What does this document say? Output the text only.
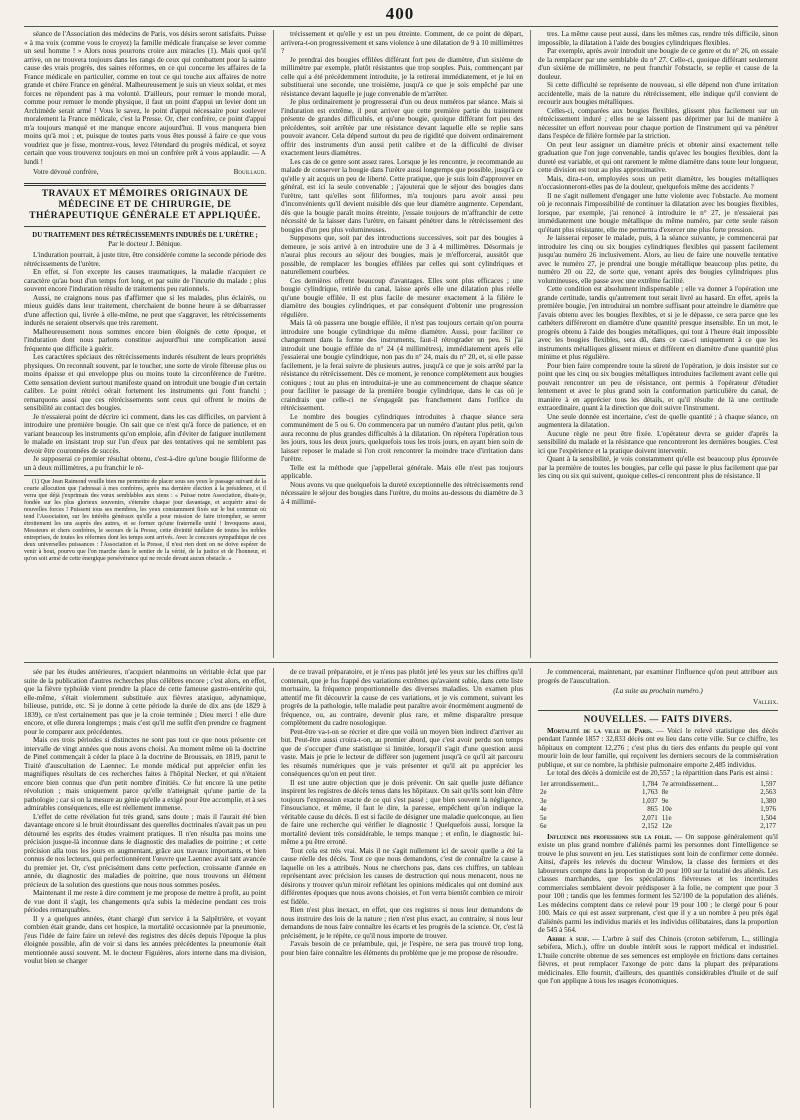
400

séance de l'Association des médecins de Paris, vos désirs seront satisfaits. Puisse « à ma voix (comme vous le croyez) la famille médicale française se lever comme un seul homme ! » Alors nous pourrons croire aux miracles (1). Mais quoi qu'il arrive, on ne trouvera toujours dans les rangs de ceux qui combattent pour la sainte cause des vrais progrès, des saines réformes, en ce qui concerne les affaires de la France médicale en particulier, comme en tout ce qui touche aux affaires de notre grande et chère France en général. Malheureusement je suis un vieux soldat, et mes forces ne répondent pas à ma volonté. D'ailleurs, pour remuer le monde moral, comme pour remuer le monde physique, il faut un point d'appui un levier dont un Archimède serait armé ! Vous le savez, le point d'appui nécessaire pour soulever moralement la France médicale, c'est la Presse. Or, cher confrère, ce point d'appui m'a toujours manqué et me manque encore aujourd'hui. Il vous manquera bien moins qu'à moi ; et, puisque de toutes parts vous êtes poussé à faire ce que vous voudriez que je fisse, montrez-vous, levez l'étendard du progrès médical, et soyez certain que vous trouverez toujours en moi un confrère prêt à vous applaudir. — A lundi !

Bouillaud.
Votre dévoué confrère,
TRAVAUX ET MÉMOIRES ORIGINAUX DE MÉDECINE ET DE CHIRURGIE, DE THÉRAPEUTIQUE GÉNÉRALE ET APPLIQUÉE.
DU TRAITEMENT DES RÉTRÉCISSEMENTS INDURÉS DE L'URÈTRE ;
Par le docteur J. Bénique.

L'induration pourrait, à juste titre, être considérée comme la seconde période des rétrécissements de l'urètre.

En effet, si l'on excepte les causes traumatiques, la maladie n'acquiert ce caractère qu'au bout d'un temps fort long, et par suite de l'incurie du malade ; plus souvent encore l'induration résulte de traitements peu rationnels.

Aussi, ne craignons nous pas d'affirmer que si les malades, plus éclairés, ou mieux guidés dans leur traitement, cherchaient de bonne heure à se débarrasser d'une affection qui, livrée à elle-même, ne peut que s'aggraver, les rétrécissements indurés ne seraient observés que très rarement.

Malheureusement nous sommes encore bien éloignés de cette époque, et l'induration dont nous parlons constitue aujourd'hui une complication aussi fréquente que difficile à guérir.

Les caractères spéciaux des rétrécissements indurés résultent de leurs propriétés physiques. On reconnaît souvent, par le toucher, une sorte de virole fibreuse plus ou moins épaisse et qui enveloppe plus ou moins toute la circonférence de l'urètre. Cette sensation devient surtout manifeste quand on introduit une bougie d'un certain calibre. Le point rétréci oérait fortement les instruments qui l'ont franchi ; remarquons aussi que ces rétrécissements sont ceux qui offrent le moins de sensibilité au contact des bougies.

Je n'essaierai point de décrire ici comment, dans les cas difficiles, on parvient à introduire une première bougie. On sait que ce n'est qu'à force de patience, et en variant beaucoup les instruments qu'on emploie, afin d'éviter de fatiguer inutilement le malade en insistant trop sur l'un d'eux par des tentatives qui ne semblent pas devoir être couronnées de succès.

Je supposerai ce premier résultat obtenu, c'est-à-dire qu'une bougie filiforme de un à deux millimètres, a pu franchir le ré-

(1) Que Jean Raimond veuille bien me permettre de placer sous ses yeux le passage suivant de la courte allocution que j'adressai à mes confrères, après ma dernière élection à la présidence, et il verra que déjà j'exprimais des vœux semblables aux siens : « Puisse notre Association, disais-je, fondée sur les plus glorieux souvenirs, s'étendre chaque jour davantage, et acquérir ainsi de nouvelles forces ! Puissent tous ses membres, les yeux constamment fixés sur le but commun où tend l'Association, sur les intérêts généraux qu'elle a pour mission de faire triompher, se serrer étroitement les uns auprès des autres, et se former qu'une fraternelle unité ! Invoquons aussi, Messieurs et chers confrères, le secours de la Presse, cette divinité tutélaire de toutes les nobles entreprises, de toutes les réformes dont les temps sont arrivés. Avec le concours sympathique de ces deux universelles puissances : l'Association et la Presse, il n'est rien dont on ne doive espérer de venir à bout, pourvu que l'on marche dans le sentier de la vérité, de la justice et de l'honneur, et qu'on soit armé de cette énergique persévérance qui ne recule devant aucun obstacle. »

trécissement et qu'elle y est un peu étreinte. Comment, de ce point de départ, arrivera-t-on progressivement et sans violence à une dilatation de 9 à 10 millimètres ?

Je prendrai des bougies effilées différant fort peu de diamètre, d'un sixième de millimètre par exemple, plutôt résistantes que trop souples. Puis, commençant par celle qui a été précédemment introduite, je la retirerai immédiatement, et je lui en substituerai une seconde, une troisième, jusqu'à ce que je sois empêché par une résistance devant laquelle je juge convenable de m'arrêter.

Je plus ordinairement je progresserai d'un ou deux numéros par séance. Mais si l'induration est extrême, il peut arriver que cette première partie du traitement présente de grandes difficultés, et qu'une bougie, quoique différant fort peu des précédentes, soit arrêtée par une résistance devant laquelle elle se replie sans pouvoir avancer. Cela dépend surtout du peu de rigidité que doivent ordinairement offrir des instruments d'un aussi petit calibre et de la difficulté de diviser exactement leurs diamètres.

Les cas de ce genre sont assez rares. Lorsque je les rencontre, je recommande au malade de conserver la bougie dans l'urètre aussi longtemps que possible, jusqu'à ce qu'elle y ait acquis un peu de liberté. Cette pratique, que je suis loin d'approuver en général, est ici la seule convenable ; j'ajouterai que le séjour des bougies dans l'urètre, tant qu'elles sont filiformes, m'a toujours paru avoir aussi peu d'inconvénients qu'il devient nuisible dès que leur diamètre augmente. Cependant, dès que la bougie paraît moins étreinte, j'essaie toujours de m'affranchir de cette nécessité de la laisser dans l'urètre, en faisant pénétrer dans le rétrécissement des bougies d'un peu plus volumineuses.

Supposons que, soit par des introductions successives, soit par des bougies à demeure, je sois arrivé à en introduire une de 3 à 4 millimètres. Désormais je n'aurai plus recours au séjour des bougies, mais je m'efforcerai, aussitôt que possible, de remplacer les bougies effilées par celles qui sont cylindriques et naturellement courbées.

Ces dernières offrent beaucoup d'avantages. Elles sont plus efficaces ; une bougie cylindrique, retirée du canal, laisse après elle une dilatation plus réelle qu'une bougie effilée. Il est plus facile de mesurer exactement à la filière le diamètre des bougies cylindriques, et par conséquent d'obtenir une progression régulière.

Mais là où passera une bougie effilée, il n'est pas toujours certain qu'on pourra introduire une bougie cylindrique du même diamètre. Aussi, pour faciliter ce changement dans la forme des instruments, faut-il rétrograder un peu. Si j'ai introduit une bougie effilée du n° 24 (4 millimètres), immédiatement après elle j'essaierai une bougie cylindrique, non pas du n° 24, mais du n° 20, et, si elle passe facilement, je la ferai suivre de plusieurs autres, jusqu'à ce que je sois arrêté par la résistance du rétrécissement. Dès ce moment, je renonce complètement aux bougies coniques ; tout au plus en introduirai-je une au commencement de chaque séance pour faciliter le passage de la première bougie cylindrique, dans le cas où je craindrais que celle-ci ne s'engageât pas franchement dans l'orifice du rétrécissement.

Le nombre des bougies cylindriques introduites à chaque séance sera communément de 5 ou 6. On commencera par un numéro d'autant plus petit, qu'on aura reconnu de plus grandes difficultés à la dilatation. On répétera l'opération tous les jours, tous les deux jours, quelquefois tous les trois jours, en ayant bien soin de laisser reposer le malade si l'on croit rencontrer la moindre trace d'irritation dans l'urètre.

Telle est la méthode que j'appellerai générale. Mais elle n'est pas toujours applicable.

Nous avons vu que quelquefois la dureté exceptionnelle des rétrécissements rend nécessaire le séjour des bougies dans l'urètre, du moins au-dessous du diamètre de 3 à 4 millimè-

tres. La même cause peut aussi, dans les mêmes cas, rendre très difficile, sinon impossible, la dilatation à l'aide des bougies cylindriques flexibles.

Par exemple, après avoir introduit une bougie de ce genre et du n° 26, on essaie de la remplacer par une semblable du n° 27. Celle-ci, quoique différant seulement d'un sixième de millimètre, ne peut franchir l'obstacle, se replie et cause de la douleur.

Si cette difficulté se représente de nouveau, si elle dépend non d'une irritation accidentelle, mais de la nature du rétrécissement, elle indique qu'il convient de recourir aux bougies métalliques.

Celles-ci, comparées aux bougies flexibles, glissent plus facilement sur un rétrécissement induré ; elles ne se laissent pas déprimer par lui de manière à nécessiter un effort nouveau pour chaque portion de l'instrument qui va pénétrer dans l'espèce de filière formée par la striction.

On peut leur assigner un diamètre précis et obtenir ainsi exactement telle graduation que l'on juge convenable, tandis qu'avec les bougies flexibles, dont la dureté est variable, et qui ont rarement le même diamètre dans toute leur longueur, cette division est tout au plus approximative.

Mais, dira-t-on, employées sous un petit diamètre, les bougies métalliques n'occasionneront-elles pas de la douleur, quelquefois même des accidents ?

Il ne s'agit nullement d'engager une lutte violente avec l'obstacle. Au moment où je reconnais l'impossibilité de continuer la dilatation avec les bougies flexibles, lorsque, par exemple, j'ai renoncé à introduire le n° 27, je n'essaierai pas immédiatement une bougie métallique du même numéro, par cette seule raison qu'étant plus résistante, elle me permettra d'exercer une plus forte pression.

Je laisserai reposer le malade, puis, à la séance suivante, je commencerai par introduire les cinq ou six bougies cylindriques flexibles qui passent facilement jusqu'au numéro 26 inclusivement. Alors, au lieu de faire une nouvelle tentative avec le numéro 27, je prendrai une bougie métallique beaucoup plus petite, du numéro 20 ou 22, de sorte que, venant après des bougies cylindriques plus volumineuses, elle passe avec une extrême facilité.

Cette condition est absolument indispensable ; elle va donner à l'opération une grande certitude, tandis qu'autrement tout serait livré au hasard. En effet, après la première bougie, j'en introduirai un nombre suffisant pour atteindre le diamètre que j'avais obtenu avec les bougies flexibles, et si je le dépasse, ce sera parce que les cathéters différeront en diamètre d'une quantité presque insensible. En un mot, le progrès obtenu à l'aide des bougies métalliques, qui tout à l'heure était impossible avec les bougies flexibles, sera dû, dans ce cas-ci uniquement à ce que les instruments métalliques glissent mieux et diffèrent en diamètre d'une quantité plus minime et plus régulière.

Pour bien faire comprendre toute la sûreté de l'opération, je dois insister sur ce point que les cinq ou six bougies métalliques introduites facilement avant celle qui pouvait rencontrer un peu de résistance, ont permis à l'opérateur d'étudier lentement et avec le plus grand soin la conformation particulière du canal, de manière à en apprécier tous les détails, et qu'il résulte de là une certitude extraordinaire, quant à la direction que doit suivre l'instrument.

Une seule donnée est incertaine, c'est de quelle quantité ; à chaque séance, on augmentera la dilatation.

Aucune règle ne peut être fixée. L'opérateur devra se guider d'après la sensibilité du malade et la résistance que rencontreront les dernières bougies. C'est ici que l'expérience et la pratique doivent intervenir.

Quant à la sensibilité, je vois constamment qu'elle est beaucoup plus éprouvée par la première de toutes les bougies, par celle qui passe le plus facilement que par les cinq ou six qui suivent, quoique celles-ci rencontrent plus de résistance. Il

sée par les études antérieures, n'acquiert néanmoins un véritable éclat que par suite de la publication d'autres recherches plus célèbres encore ; c'est alors, en effet, que la fièvre typhoïde vient prendre la place de cette fameuse gastro-entérite qui, elle-même, s'était violemment substituée aux fièvres ataxique, adynamique, bilieuse, putride, etc. Si je donne à cette période la durée de dix ans (de 1829 à 1839), ce n'est certainement pas que je la croie terminée ; Dieu merci ! elle dure encore, et elle durera longtemps ; mais c'est qu'il me suffit d'en prendre ce fragment pour le comparer aux précédentes.

Mais ces trois périodes si distinctes ne sont pas tout ce que nous présente cet intervalle de vingt années que nous avons choisi. Au moment même où la doctrine de Pinel commençait à céder la place à la doctrine de Broussais, en 1819, parut le Traité d'auscultation de Laennec. Le monde médical put apprécier enfin les magnifiques résultats de ces recherches faites à l'hôpital Necker, et qui n'étaient encore bien connus que d'un petit nombre d'initiés. Ce fut encore là une petite révolution ; mais uniquement parce qu'elle n'atteignait qu'une partie de la pathologie ; car si on la mesure au génie qu'elle a exigé pour être accomplie, et à ses admirables conséquences, elle est réellement immense.

L'effet de cette révélation fut très grand, sans doute ; mais il l'aurait été bien davantage encore si le bruit étourdissant des querelles doctrinales n'avait pas un peu détourné les esprits des études vraiment pratiques. Il n'en résulta pas moins une précision jusque-là inconnue dans le diagnostic des maladies de poitrine ; et cette précision alla tous les jours en augmentant, grâce aux travaux importants, et bien connus de nos lecteurs, qui perfectionnèrent l'œuvre que Laennec avait tant avancée du premier jet. Or, c'est précisément dans cette perfection, croissante d'année en année, du diagnostic des maladies de poitrine, que nous trouvons un élément précieux de la solution des questions que nous nous sommes posées.

Maintenant il me reste à dire comment je me propose de mettre à profit, au point de vue dont il s'agit, les changements qu'a subis la médecine pendant ces trois périodes remarquables.

Il y a quelques années, étant chargé d'un service à la Salpêtrière, et voyant combien était grande, dans cet hospice, la mortalité occasionnée par la pneumonie, j'eus l'idée de faire faire un relevé des registres des décès depuis l'époque la plus éloignée possible, afin de voir si dans les années précédentes la pneumonie était mentionnée aussi souvent. M. le docteur Figuières, alors interne dans ma division, voulut bien se charger

de ce travail préparatoire, et je n'eus pas plutôt jeté les yeux sur les chiffres qu'il contenait, que je fus frappé des variations extrêmes qu'avaient subie, dans cette liste mortuaire, la fréquence proportionnelle des diverses maladies. Un examen plus attentif me fit découvrir la cause de ces variations, et je vis comment, suivant les progrès de la pathologie, telle maladie peut paraître avoir énormément augmenté de fréquence, ou, au contraire, devenir plus rare, et même disparaître presque complètement du cadre nosologique.

Peut-être va-t-on se récrier et dire que voilà un moyen bien indirect d'arriver au but. Peut-être aussi croira-t-on, au premier abord, que c'est avoir perdu son temps que de s'occuper d'une statistique si limitée, lorsqu'il s'agit d'une question aussi vaste. Mais je prie le lecteur de différer son jugement jusqu'à ce qu'il ait parcouru les résumés numériques que je vais présenter et qu'il ait pu apprécier les conséquences qu'on en peut tirer.

Il est une autre objection que je dois prévenir. On sait quelle juste défiance inspirent les registres de décès tenus dans les hôpitaux. On sait qu'ils sont loin d'être toujours l'expression exacte de ce qui s'est passé ; que bien souvent la négligence, l'insouciance, et même, il faut le dire, la paresse, empêchent qu'on indique la véritable cause du décès. Il est si facile de désigner une maladie quelconque, au lieu de faire une recherche qui vérifier le diagnostic ! Quelquefois aussi, lorsque la mortalité devient très considérable, le temps manque ; et enfin, le diagnostic lui-même a pu être erroné.

Tout cela est très vrai. Mais il ne s'agit nullement ici de savoir quelle a été la cause réelle des décès. Tout ce que nous demandons, c'est de connaître la cause à laquelle on les a attribués. Nous ne cherchons pas, dans ces chiffres, un tableau représentant avec précision les causes de destruction qui nous menacent, nous ne désirons y trouver qu'un miroir reflétant les opinions médicales qui ont dominé aux différentes époques que nous avons choisies, et l'on verra bientôt combien ce miroir est fidèle.

Rien n'est plus inexact, en effet, que ces registres si nous leur demandons de nous instruire des lois de la nature ; rien n'est plus exact, au contraire, si nous leur demandons de nous faire connaître les écarts et les progrès de la science. Or, c'est là précisément, je le répète, ce qu'il nous importe de trouver.

J'avais besoin de ce préambule, qui, je l'espère, ne sera pas trouvé trop long, pour bien faire connaître les éléments du problème que je me propose de résoudre.

Je commencerai, maintenant, par examiner l'influence qu'on peut attribuer aux progrès de l'auscultation.

(La suite au prochain numéro.)
Valleix.
NOUVELLES. — FAITS DIVERS.

Mortalité de la ville de Paris. — Voici le relevé statistique des décès pendant l'année 1857 : 32,833 décès ont eu lieu dans cette ville. Sur ce chiffre, les hôpitaux en comptent 12,276 ; c'est plus du tiers des enfants du peuple qui vont mourir loin de leur famille, qui reçoivent les derniers secours de la commisération publique, et sur ce nombre, la phthisie pulmonaire emporte 2,485 individus.

Le total des décès à domicile est de 20,557 ; la répartition dans Paris est ainsi :

1er arrondissement...	1,784	7e arrondissement...	1,597
2e	1,763	8e	2,563
3e	1,037	9e	1,380
4e	865	10e	1,976
5e	2,071	11e	1,504
6e	2,152	12e	2,177

Influence des professions sur la folie. — On suppose généralement qu'il existe un plus grand nombre d'aliénés parmi les personnes dont l'intelligence se trouve le plus souvent en jeu. Les statistiques sont loin de confirmer cette donnée. Ainsi, d'après les relevés du docteur Winslow, la classe des fermiers et des laboureurs compte dans la proportion de 20 pour 100 sur la totalité des aliénés. Les classes marchandes, que les spéculations fiévreuses et les incertitudes commerciales semblaient devoir prédisposer à la folie, ne comptent que pour 3 pour 100 ; tandis que les femmes forment les 52/100 de la population des aliénés. Les médecins comptent dans ce relevé pour 19 pour 100 ; le clergé pour 6 pour 100. Mais ce qui est assez surprenant, c'est que il y a un nombre à peu près égal d'aliénés parmi les individus mariés et les individus célibataires, dans la proportion de 545 à 564.

Arbre à suif. — L'arbre à suif des Chinois (croton sebiferum, L., stillingia sebifera, Mich.), offre un double intérêt sous le rapport médical et industriel. L'huile concrète obtenue de ses semences est employée en frictions dans certaines fièvres, et peut remplacer l'axonge de porc dans la plupart des préparations médicinales. Elle fournit, d'ailleurs, des quantités considérables d'huile et de suif que l'on applique à tous les usages économiques.
